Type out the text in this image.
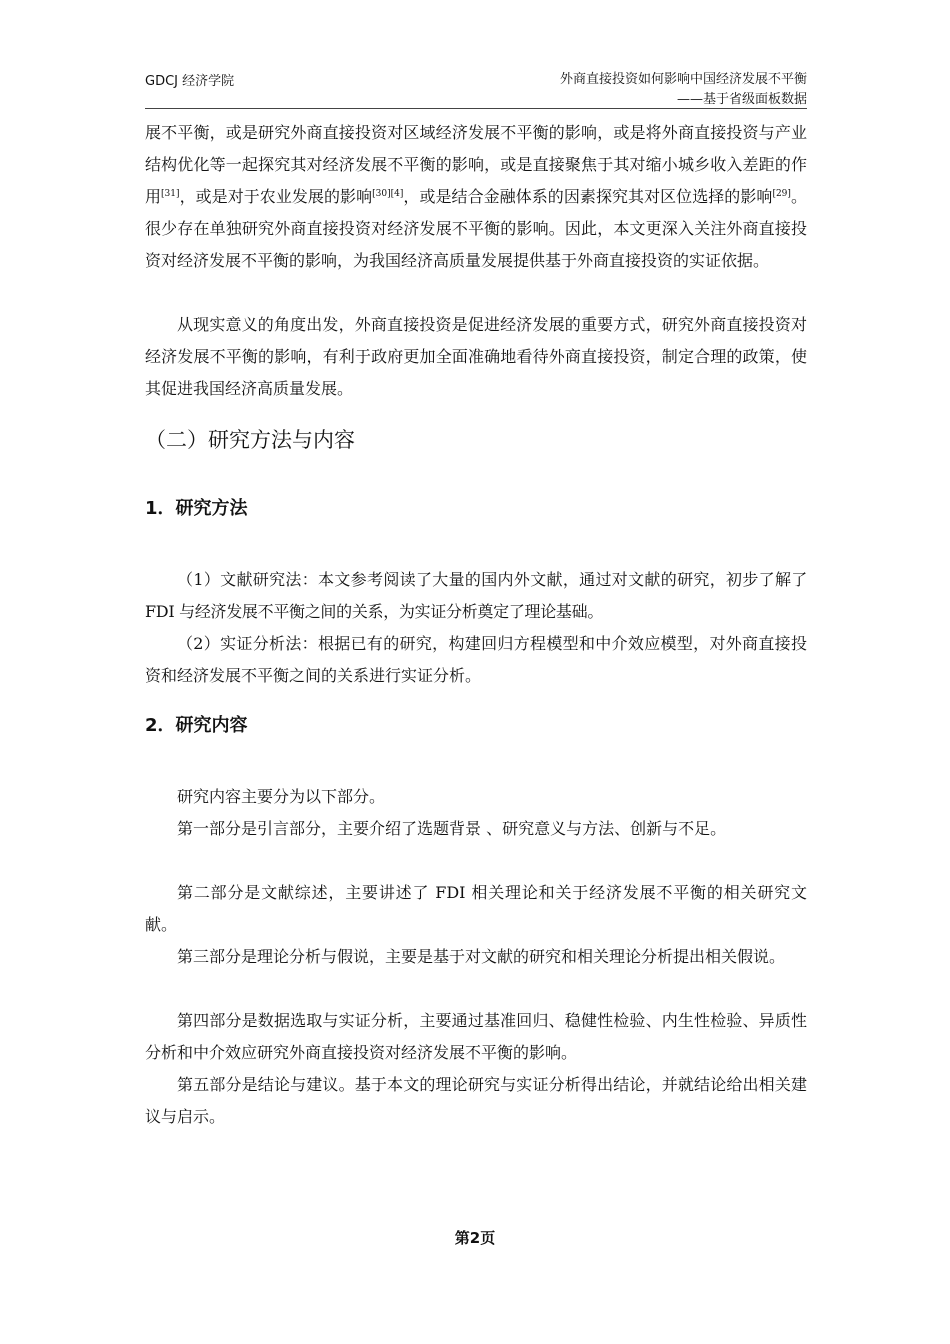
GDCJ 经济学院	外商直接投资如何影响中国经济发展不平衡
——基于省级面板数据

展不平衡，或是研究外商直接投资对区域经济发展不平衡的影响，或是将外商直接投资与产业结构优化等一起探究其对经济发展不平衡的影响，或是直接聚焦于其对缩小城乡收入差距的作用[31]，或是对于农业发展的影响[30][4]，或是结合金融体系的因素探究其对区位选择的影响[29]。很少存在单独研究外商直接投资对经济发展不平衡的影响。因此，本文更深入关注外商直接投资对经济发展不平衡的影响，为我国经济高质量发展提供基于外商直接投资的实证依据。

从现实意义的角度出发，外商直接投资是促进经济发展的重要方式，研究外商直接投资对经济发展不平衡的影响，有利于政府更加全面准确地看待外商直接投资，制定合理的政策，使其促进我国经济高质量发展。

（二）研究方法与内容
1．研究方法

（1）文献研究法：本文参考阅读了大量的国内外文献，通过对文献的研究，初步了解了 FDI 与经济发展不平衡之间的关系，为实证分析奠定了理论基础。

（2）实证分析法：根据已有的研究，构建回归方程模型和中介效应模型，对外商直接投资和经济发展不平衡之间的关系进行实证分析。

2．研究内容

研究内容主要分为以下部分。

第一部分是引言部分，主要介绍了选题背景 、研究意义与方法、创新与不足。

第二部分是文献综述，主要讲述了 FDI 相关理论和关于经济发展不平衡的相关研究文献。

第三部分是理论分析与假说，主要是基于对文献的研究和相关理论分析提出相关假说。

第四部分是数据选取与实证分析，主要通过基准回归、稳健性检验、内生性检验、异质性分析和中介效应研究外商直接投资对经济发展不平衡的影响。

第五部分是结论与建议。基于本文的理论研究与实证分析得出结论，并就结论给出相关建议与启示。

第2页
